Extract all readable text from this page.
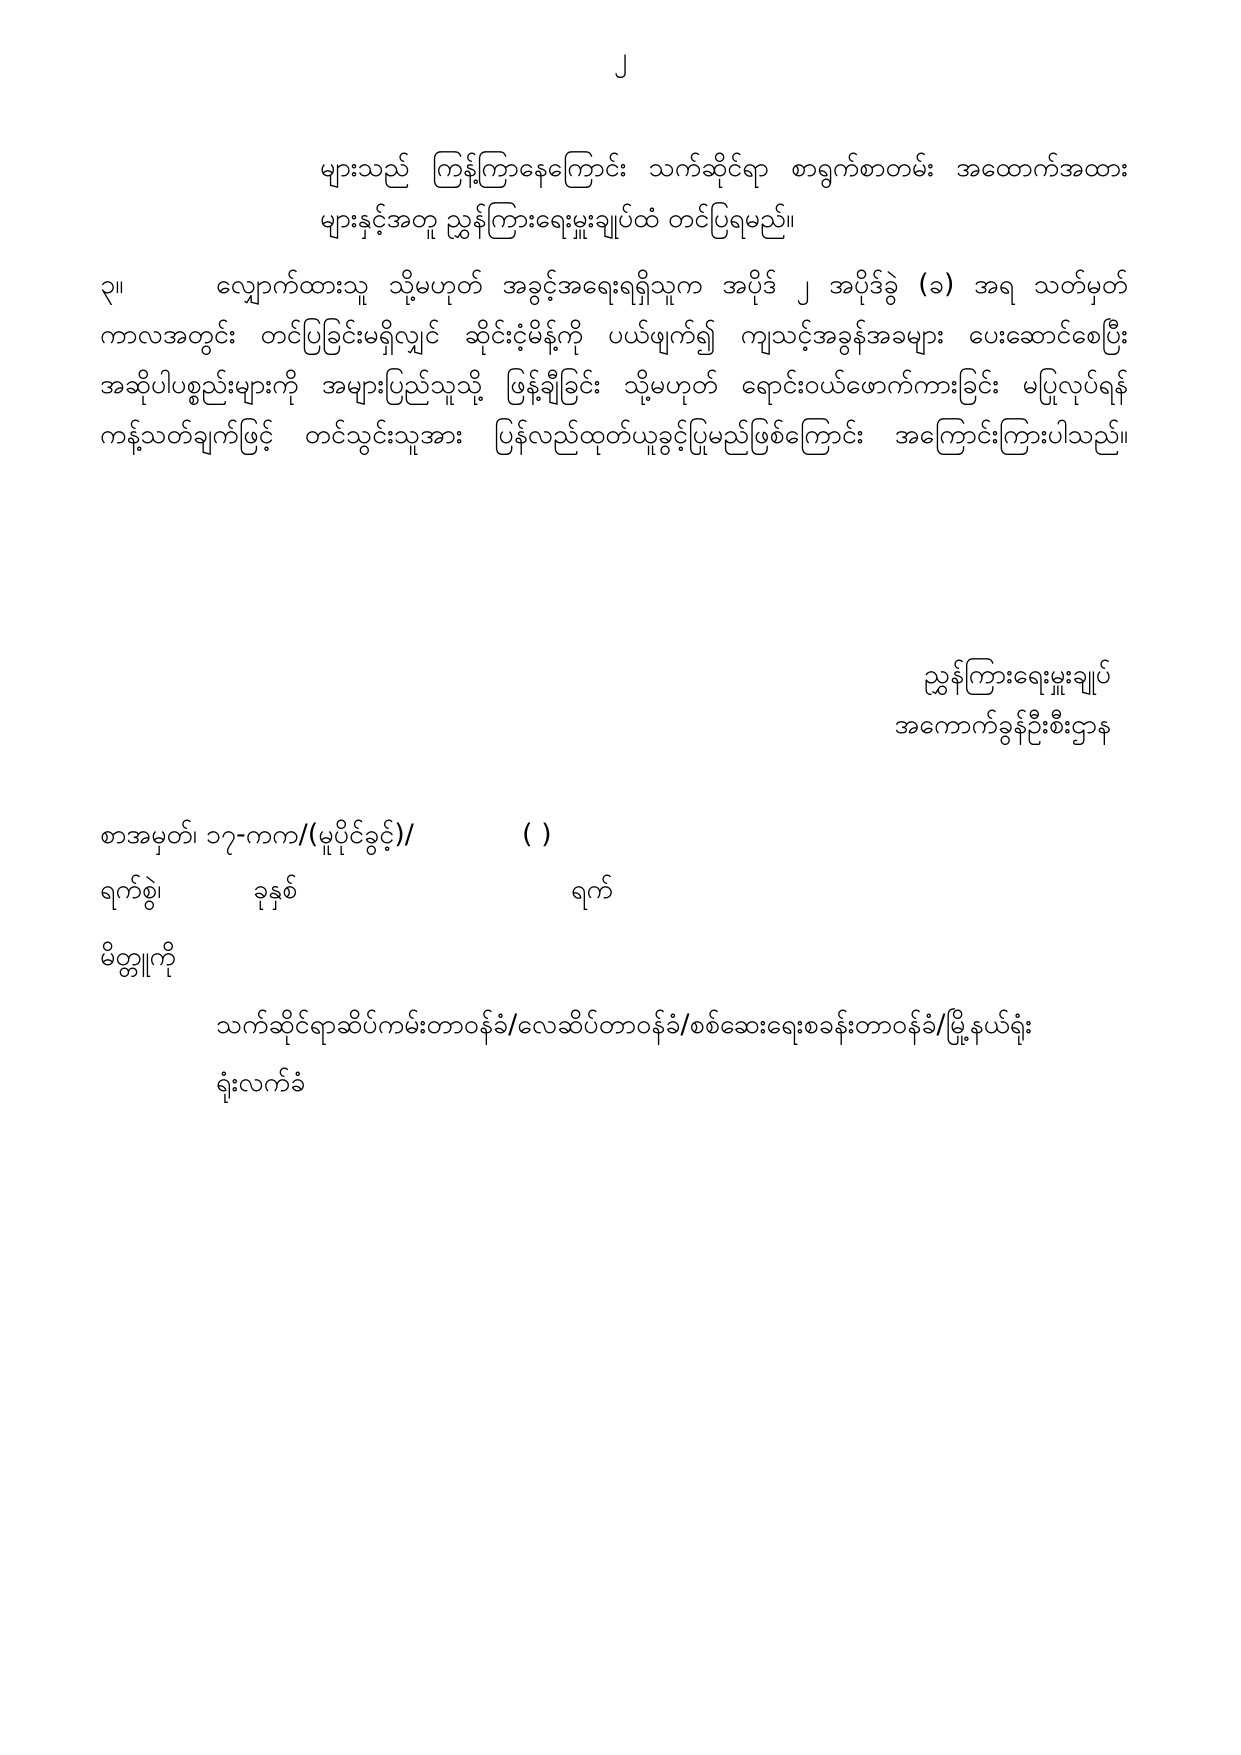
၂
များသည် ကြန့်ကြာနေကြောင်း သက်ဆိုင်ရာ စာရွက်စာတမ်း အထောက်အထား
များနှင့်အတူ ညွှန်ကြားရေးမှူးချုပ်ထံ တင်ပြရမည်။
၃။	လျှောက်ထားသူ သို့မဟုတ် အခွင့်အရေးရရှိသူက အပိုဒ် ၂ အပိုဒ်ခွဲ (ခ) အရ သတ်မှတ်
ကာလအတွင်း တင်ပြခြင်းမရှိလျှင် ဆိုင်းငံ့မိန့်ကို ပယ်ဖျက်၍ ကျသင့်အခွန်အခများ ပေးဆောင်စေပြီး
အဆိုပါပစ္စည်းများကို အများပြည်သူသို့ ဖြန့်ချီခြင်း သို့မဟုတ် ရောင်းဝယ်ဖောက်ကားခြင်း မပြုလုပ်ရန်
ကန့်သတ်ချက်ဖြင့် တင်သွင်းသူအား ပြန်လည်ထုတ်ယူခွင့်ပြုမည်ဖြစ်ကြောင်း အကြောင်းကြားပါသည်။
ညွှန်ကြားရေးမှူးချုပ်
အကောက်ခွန်ဦးစီးဌာန
စာအမှတ်၊ ၁၇-ကက/(မူပိုင်ခွင့်)/	( )
ရက်စွဲ၊	ခုနှစ်	ရက်
မိတ္တူကို
သက်ဆိုင်ရာဆိပ်ကမ်းတာဝန်ခံ/လေဆိပ်တာဝန်ခံ/စစ်ဆေးရေးစခန်းတာဝန်ခံ/မြို့နယ်ရုံး
ရုံးလက်ခံ
